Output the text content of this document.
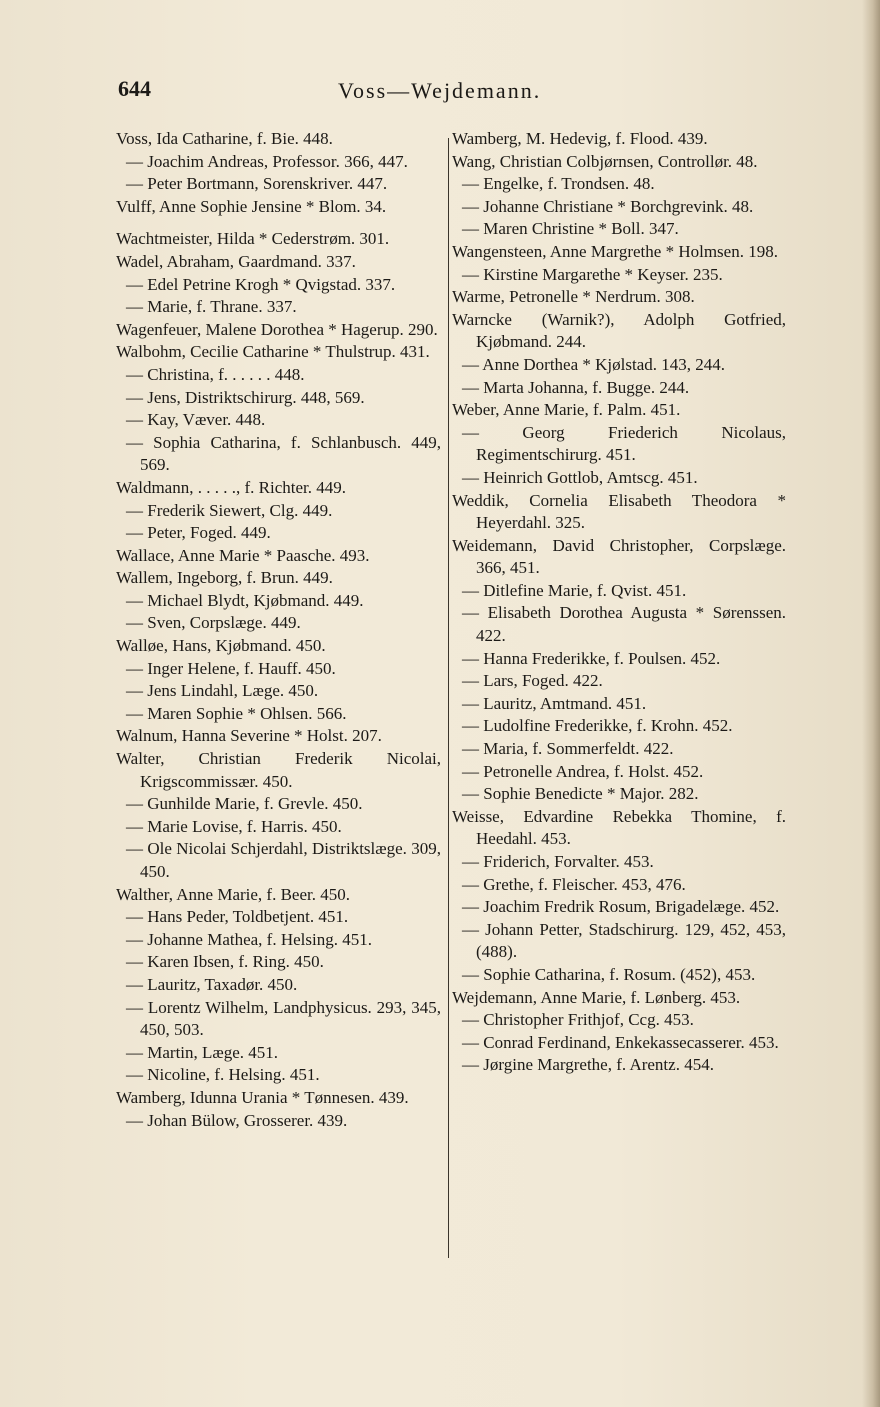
644	Voss—Wejdemann.

Voss, Ida Catharine, f. Bie. 448.

— Joachim Andreas, Professor. 366, 447.

— Peter Bortmann, Sorenskriver. 447.

Vulff, Anne Sophie Jensine * Blom. 34.

Wachtmeister, Hilda * Cederstrøm. 301.

Wadel, Abraham, Gaardmand. 337.

— Edel Petrine Krogh * Qvigstad. 337.

— Marie, f. Thrane. 337.

Wagenfeuer, Malene Dorothea * Hagerup. 290.

Walbohm, Cecilie Catharine * Thulstrup. 431.

— Christina, f. . . . . . 448.

— Jens, Distriktschirurg. 448, 569.

— Kay, Væver. 448.

— Sophia Catharina, f. Schlanbusch. 449, 569.

Waldmann, . . . . ., f. Richter. 449.

— Frederik Siewert, Clg. 449.

— Peter, Foged. 449.

Wallace, Anne Marie * Paasche. 493.

Wallem, Ingeborg, f. Brun. 449.

— Michael Blydt, Kjøbmand. 449.

— Sven, Corpslæge. 449.

Walløe, Hans, Kjøbmand. 450.

— Inger Helene, f. Hauff. 450.

— Jens Lindahl, Læge. 450.

— Maren Sophie * Ohlsen. 566.

Walnum, Hanna Severine * Holst. 207.

Walter, Christian Frederik Nicolai, Krigscommissær. 450.

— Gunhilde Marie, f. Grevle. 450.

— Marie Lovise, f. Harris. 450.

— Ole Nicolai Schjerdahl, Distriktslæge. 309, 450.

Walther, Anne Marie, f. Beer. 450.

— Hans Peder, Toldbetjent. 451.

— Johanne Mathea, f. Helsing. 451.

— Karen Ibsen, f. Ring. 450.

— Lauritz, Taxadør. 450.

— Lorentz Wilhelm, Landphysicus. 293, 345, 450, 503.

— Martin, Læge. 451.

— Nicoline, f. Helsing. 451.

Wamberg, Idunna Urania * Tønnesen. 439.

— Johan Bülow, Grosserer. 439.

Wamberg, M. Hedevig, f. Flood. 439.

Wang, Christian Colbjørnsen, Controllør. 48.

— Engelke, f. Trondsen. 48.

— Johanne Christiane * Borchgrevink. 48.

— Maren Christine * Boll. 347.

Wangensteen, Anne Margrethe * Holmsen. 198.

— Kirstine Margarethe * Keyser. 235.

Warme, Petronelle * Nerdrum. 308.

Warncke (Warnik?), Adolph Gotfried, Kjøbmand. 244.

— Anne Dorthea * Kjølstad. 143, 244.

— Marta Johanna, f. Bugge. 244.

Weber, Anne Marie, f. Palm. 451.

— Georg Friederich Nicolaus, Regimentschirurg. 451.

— Heinrich Gottlob, Amtscg. 451.

Weddik, Cornelia Elisabeth Theodora * Heyerdahl. 325.

Weidemann, David Christopher, Corpslæge. 366, 451.

— Ditlefine Marie, f. Qvist. 451.

— Elisabeth Dorothea Augusta * Sørenssen. 422.

— Hanna Frederikke, f. Poulsen. 452.

— Lars, Foged. 422.

— Lauritz, Amtmand. 451.

— Ludolfine Frederikke, f. Krohn. 452.

— Maria, f. Sommerfeldt. 422.

— Petronelle Andrea, f. Holst. 452.

— Sophie Benedicte * Major. 282.

Weisse, Edvardine Rebekka Thomine, f. Heedahl. 453.

— Friderich, Forvalter. 453.

— Grethe, f. Fleischer. 453, 476.

— Joachim Fredrik Rosum, Brigadelæge. 452.

— Johann Petter, Stadschirurg. 129, 452, 453, (488).

— Sophie Catharina, f. Rosum. (452), 453.

Wejdemann, Anne Marie, f. Lønberg. 453.

— Christopher Frithjof, Ccg. 453.

— Conrad Ferdinand, Enkekassecasserer. 453.

— Jørgine Margrethe, f. Arentz. 454.
